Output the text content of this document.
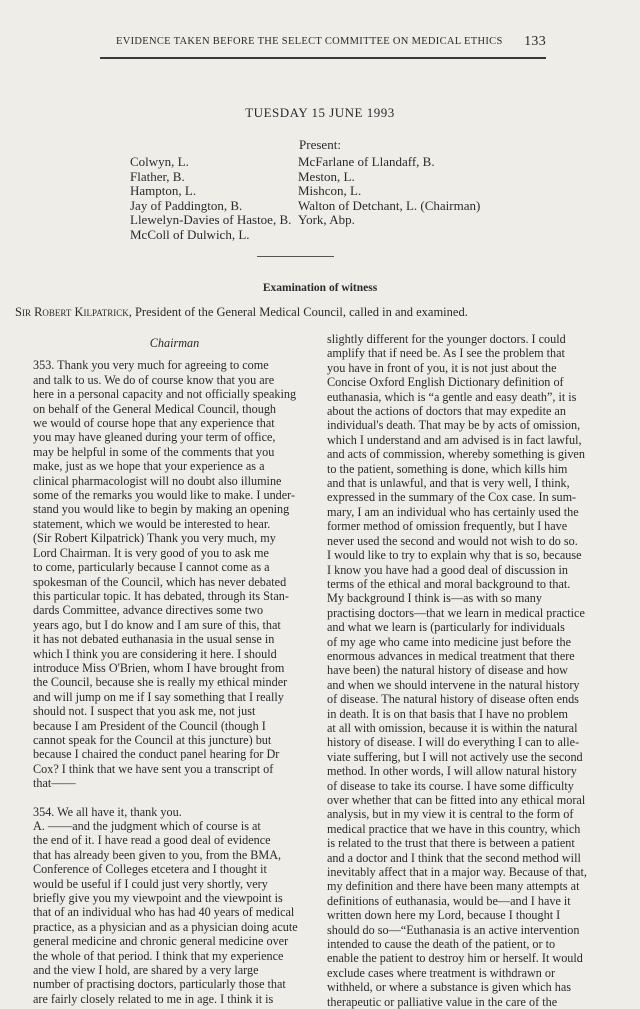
EVIDENCE TAKEN BEFORE THE SELECT COMMITTEE ON MEDICAL ETHICS 133
TUESDAY 15 JUNE 1993
Present:
Colwyn, L.
Flather, B.
Hampton, L.
Jay of Paddington, B.
Llewelyn-Davies of Hastoe, B.
McColl of Dulwich, L.
McFarlane of Llandaff, B.
Meston, L.
Mishcon, L.
Walton of Detchant, L. (Chairman)
York, Abp.
Examination of witness
Sir Robert Kilpatrick, President of the General Medical Council, called in and examined.
Chairman
353. Thank you very much for agreeing to come
and talk to us. We do of course know that you are
here in a personal capacity and not officially speaking
on behalf of the General Medical Council, though
we would of course hope that any experience that
you may have gleaned during your term of office,
may be helpful in some of the comments that you
make, just as we hope that your experience as a
clinical pharmacologist will no doubt also illumine
some of the remarks you would like to make. I under-
stand you would like to begin by making an opening
statement, which we would be interested to hear.
(Sir Robert Kilpatrick) Thank you very much, my
Lord Chairman. It is very good of you to ask me
to come, particularly because I cannot come as a
spokesman of the Council, which has never debated
this particular topic. It has debated, through its Stan-
dards Committee, advance directives some two
years ago, but I do know and I am sure of this, that
it has not debated euthanasia in the usual sense in
which I think you are considering it here. I should
introduce Miss O'Brien, whom I have brought from
the Council, because she is really my ethical minder
and will jump on me if I say something that I really
should not. I suspect that you ask me, not just
because I am President of the Council (though I
cannot speak for the Council at this juncture) but
because I chaired the conduct panel hearing for Dr
Cox? I think that we have sent you a transcript of
that——
354. We all have it, thank you.
A. ——and the judgment which of course is at
the end of it. I have read a good deal of evidence
that has already been given to you, from the BMA,
Conference of Colleges etcetera and I thought it
would be useful if I could just very shortly, very
briefly give you my viewpoint and the viewpoint is
that of an individual who has had 40 years of medical
practice, as a physician and as a physician doing acute
general medicine and chronic general medicine over
the whole of that period. I think that my experience
and the view I hold, are shared by a very large
number of practising doctors, particularly those that
are fairly closely related to me in age. I think it is
slightly different for the younger doctors. I could
amplify that if need be. As I see the problem that
you have in front of you, it is not just about the
Concise Oxford English Dictionary definition of
euthanasia, which is “a gentle and easy death”, it is
about the actions of doctors that may expedite an
individual's death. That may be by acts of omission,
which I understand and am advised is in fact lawful,
and acts of commission, whereby something is given
to the patient, something is done, which kills him
and that is unlawful, and that is very well, I think,
expressed in the summary of the Cox case. In sum-
mary, I am an individual who has certainly used the
former method of omission frequently, but I have
never used the second and would not wish to do so.
I would like to try to explain why that is so, because
I know you have had a good deal of discussion in
terms of the ethical and moral background to that.
My background I think is—as with so many
practising doctors—that we learn in medical practice
and what we learn is (particularly for individuals
of my age who came into medicine just before the
enormous advances in medical treatment that there
have been) the natural history of disease and how
and when we should intervene in the natural history
of disease. The natural history of disease often ends
in death. It is on that basis that I have no problem
at all with omission, because it is within the natural
history of disease. I will do everything I can to alle-
viate suffering, but I will not actively use the second
method. In other words, I will allow natural history
of disease to take its course. I have some difficulty
over whether that can be fitted into any ethical moral
analysis, but in my view it is central to the form of
medical practice that we have in this country, which
is related to the trust that there is between a patient
and a doctor and I think that the second method will
inevitably affect that in a major way. Because of that,
my definition and there have been many attempts at
definitions of euthanasia, would be—and I have it
written down here my Lord, because I thought I
should do so—“Euthanasia is an active intervention
intended to cause the death of the patient, or to
enable the patient to destroy him or herself. It would
exclude cases where treatment is withdrawn or
withheld, or where a substance is given which has
therapeutic or palliative value in the care of the
